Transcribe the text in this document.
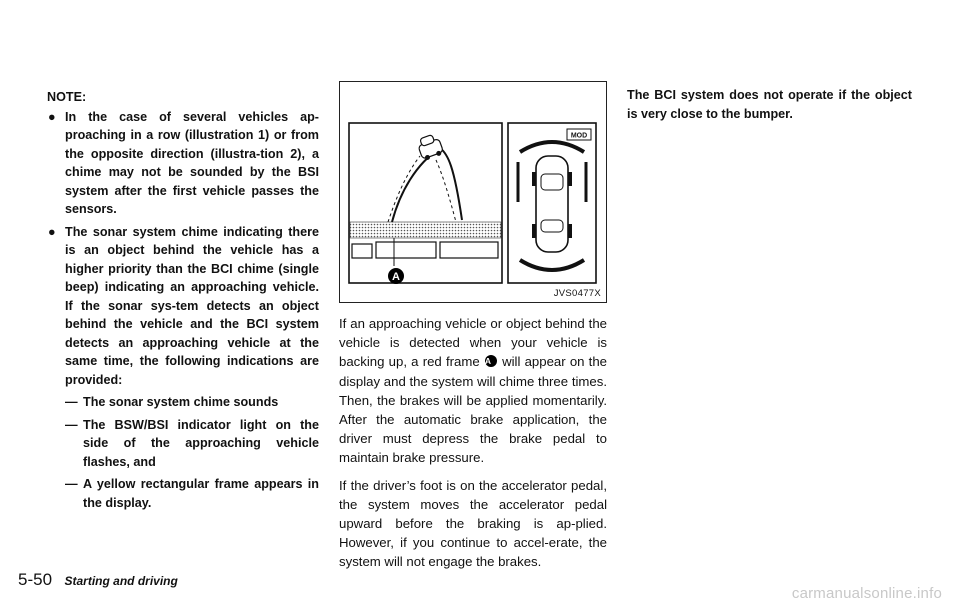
NOTE:
● In the case of several vehicles ap-proaching in a row (illustration 1) or from the opposite direction (illustra-tion 2), a chime may not be sounded by the BSI system after the first vehicle passes the sensors.
● The sonar system chime indicating there is an object behind the vehicle has a higher priority than the BCI chime (single beep) indicating an approaching vehicle. If the sonar sys-tem detects an object behind the vehicle and the BCI system detects an approaching vehicle at the same time, the following indications are provided:
— The sonar system chime sounds
— The BSW/BSI indicator light on the side of the approaching vehicle flashes, and
— A yellow rectangular frame appears in the display.
A
MOD
JVS0477X

If an approaching vehicle or object behind the vehicle is detected when your vehicle is backing up, a red frame A will appear on the display and the system will chime three times. Then, the brakes will be applied momentarily. After the automatic brake application, the driver must depress the brake pedal to maintain brake pressure.

If the driver’s foot is on the accelerator pedal, the system moves the accelerator pedal upward before the braking is ap-plied. However, if you continue to accel-erate, the system will not engage the brakes.

The BCI system does not operate if the object is very close to the bumper.
5-50 Starting and driving
carmanualsonline.info
